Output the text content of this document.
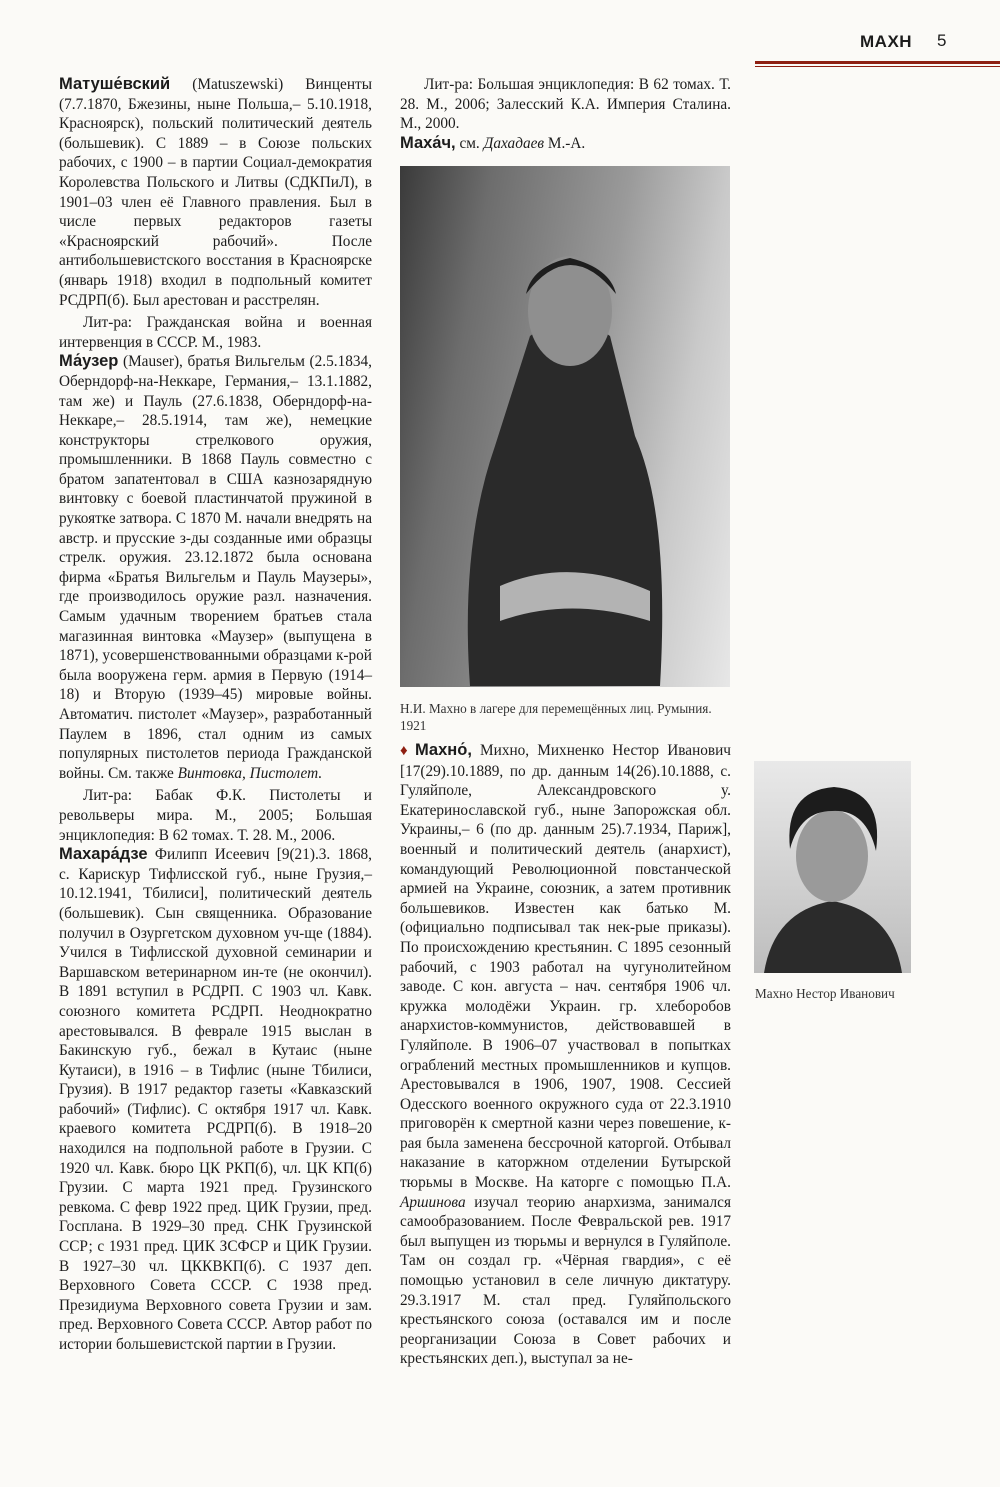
МАХН 5

Матуше́вский (Matuszewski) Винценты (7.7.1870, Бжезины, ныне Польша,– 5.10.1918, Красноярск), польский политический деятель (большевик). С 1889 – в Союзе польских рабочих, с 1900 – в партии Социал-демократия Королевства Польского и Литвы (СДКПиЛ), в 1901–03 член её Главного правления. Был в числе первых редакторов газеты «Красноярский рабочий». После антибольшевистского восстания в Красноярске (январь 1918) входил в подпольный комитет РСДРП(б). Был арестован и расстрелян.

Лит-ра: Гражданская война и военная интервенция в СССР. М., 1983.

Ма́узер (Mauser), братья Вильгельм (2.5.1834, Оберндорф-на-Неккаре, Германия,– 13.1.1882, там же) и Пауль (27.6.1838, Оберндорф-на-Неккаре,– 28.5.1914, там же), немецкие конструкторы стрелкового оружия, промышленники. В 1868 Пауль совместно с братом запатентовал в США казнозарядную винтовку с боевой пластинчатой пружиной в рукоятке затвора. С 1870 М. начали внедрять на австр. и прусские з-ды созданные ими образцы стрелк. оружия. 23.12.1872 была основана фирма «Братья Вильгельм и Пауль Маузеры», где производилось оружие разл. назначения. Самым удачным творением братьев стала магазинная винтовка «Маузер» (выпущена в 1871), усовершенствованными образцами к-рой была вооружена герм. армия в Первую (1914–18) и Вторую (1939–45) мировые войны. Автоматич. пистолет «Маузер», разработанный Паулем в 1896, стал одним из самых популярных пистолетов периода Гражданской войны. См. также Винтовка, Пистолет.

Лит-ра: Бабак Ф.К. Пистолеты и револьверы мира. М., 2005; Большая энциклопедия: В 62 томах. Т. 28. М., 2006.

Махара́дзе Филипп Исеевич [9(21).3. 1868, с. Карискур Тифлисской губ., ныне Грузия,– 10.12.1941, Тбилиси], политический деятель (большевик). Сын священника. Образование получил в Озургетском духовном уч-ще (1884). Учился в Тифлисской духовной семинарии и Варшавском ветеринарном ин-те (не окончил). В 1891 вступил в РСДРП. С 1903 чл. Кавк. союзного комитета РСДРП. Неоднократно арестовывался. В феврале 1915 выслан в Бакинскую губ., бежал в Кутаис (ныне Кутаиси), в 1916 – в Тифлис (ныне Тбилиси, Грузия). В 1917 редактор газеты «Кавказский рабочий» (Тифлис). С октября 1917 чл. Кавк. краевого комитета РСДРП(б). В 1918–20 находился на подпольной работе в Грузии. С 1920 чл. Кавк. бюро ЦК РКП(б), чл. ЦК КП(б) Грузии. С марта 1921 пред. Грузинского ревкома. С февр 1922 пред. ЦИК Грузии, пред. Госплана. В 1929–30 пред. СНК Грузинской ССР; с 1931 пред. ЦИК ЗСФСР и ЦИК Грузии. В 1927–30 чл. ЦККВКП(б). С 1937 деп. Верховного Совета СССР. С 1938 пред. Президиума Верховного совета Грузии и зам. пред. Верховного Совета СССР. Автор работ по истории большевистской партии в Грузии.

Лит-ра: Большая энциклопедия: В 62 томах. Т. 28. М., 2006; Залесский К.А. Империя Сталина. М., 2000.

Маха́ч, см. Дахадаев М.-А.

Н.И. Махно в лагере для перемещённых лиц. Румыния. 1921

♦ Махно́, Михно, Михненко Нестор Иванович [17(29).10.1889, по др. данным 14(26).10.1888, с. Гуляйполе, Александровского у. Екатеринославской губ., ныне Запорожская обл. Украины,– 6 (по др. данным 25).7.1934, Париж], военный и политический деятель (анархист), командующий Революционной повстанческой армией на Украине, союзник, а затем противник большевиков. Известен как батько М. (официально подписывал так нек-рые приказы). По происхождению крестьянин. С 1895 сезонный рабочий, с 1903 работал на чугунолитейном заводе. С кон. августа – нач. сентября 1906 чл. кружка молодёжи Украин. гр. хлеборобов анархистов-коммунистов, действовавшей в Гуляйполе. В 1906–07 участвовал в попытках ограблений местных промышленников и купцов. Арестовывался в 1906, 1907, 1908. Сессией Одесского военного окружного суда от 22.3.1910 приговорён к смертной казни через повешение, к-рая была заменена бессрочной каторгой. Отбывал наказание в каторжном отделении Бутырской тюрьмы в Москве. На каторге с помощью П.А. Аршинова изучал теорию анархизма, занимался самообразованием. После Февральской рев. 1917 был выпущен из тюрьмы и вернулся в Гуляйполе. Там он создал гр. «Чёрная гвардия», с её помощью установил в селе личную диктатуру. 29.3.1917 М. стал пред. Гуляйпольского крестьянского союза (оставался им и после реорганизации Союза в Совет рабочих и крестьянских деп.), выступал за не-

Махно Нестор Иванович
